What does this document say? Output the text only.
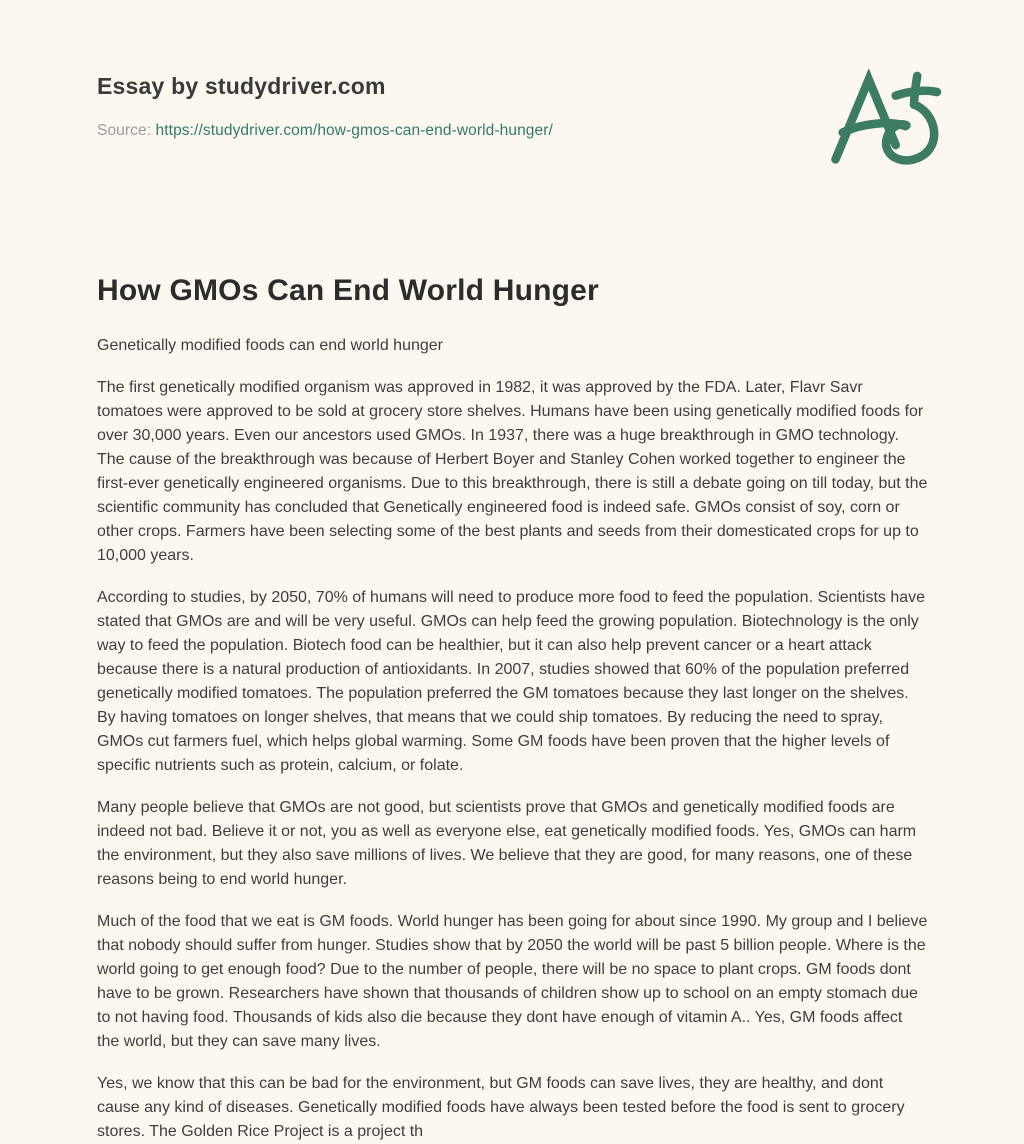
Essay by studydriver.com
Source: https://studydriver.com/how-gmos-can-end-world-hunger/
How GMOs Can End World Hunger

Genetically modified foods can end world hunger

The first genetically modified organism was approved in 1982, it was approved by the FDA. Later, Flavr Savr tomatoes were approved to be sold at grocery store shelves. Humans have been using genetically modified foods for over 30,000 years. Even our ancestors used GMOs. In 1937, there was a huge breakthrough in GMO technology. The cause of the breakthrough was because of Herbert Boyer and Stanley Cohen worked together to engineer the first-ever genetically engineered organisms. Due to this breakthrough, there is still a debate going on till today, but the scientific community has concluded that Genetically engineered food is indeed safe. GMOs consist of soy, corn or other crops. Farmers have been selecting some of the best plants and seeds from their domesticated crops for up to 10,000 years.

According to studies, by 2050, 70% of humans will need to produce more food to feed the population. Scientists have stated that GMOs are and will be very useful. GMOs can help feed the growing population. Biotechnology is the only way to feed the population. Biotech food can be healthier, but it can also help prevent cancer or a heart attack because there is a natural production of antioxidants. In 2007, studies showed that 60% of the population preferred genetically modified tomatoes. The population preferred the GM tomatoes because they last longer on the shelves. By having tomatoes on longer shelves, that means that we could ship tomatoes. By reducing the need to spray, GMOs cut farmers fuel, which helps global warming. Some GM foods have been proven that the higher levels of specific nutrients such as protein, calcium, or folate.

Many people believe that GMOs are not good, but scientists prove that GMOs and genetically modified foods are indeed not bad. Believe it or not, you as well as everyone else, eat genetically modified foods. Yes, GMOs can harm the environment, but they also save millions of lives. We believe that they are good, for many reasons, one of these reasons being to end world hunger.

Much of the food that we eat is GM foods. World hunger has been going for about since 1990. My group and I believe that nobody should suffer from hunger. Studies show that by 2050 the world will be past 5 billion people. Where is the world going to get enough food? Due to the number of people, there will be no space to plant crops. GM foods dont have to be grown. Researchers have shown that thousands of children show up to school on an empty stomach due to not having food. Thousands of kids also die because they dont have enough of vitamin A.. Yes, GM foods affect the world, but they can save many lives.

Yes, we know that this can be bad for the environment, but GM foods can save lives, they are healthy, and dont cause any kind of diseases. Genetically modified foods have always been tested before the food is sent to grocery stores. The Golden Rice Project is a project th
